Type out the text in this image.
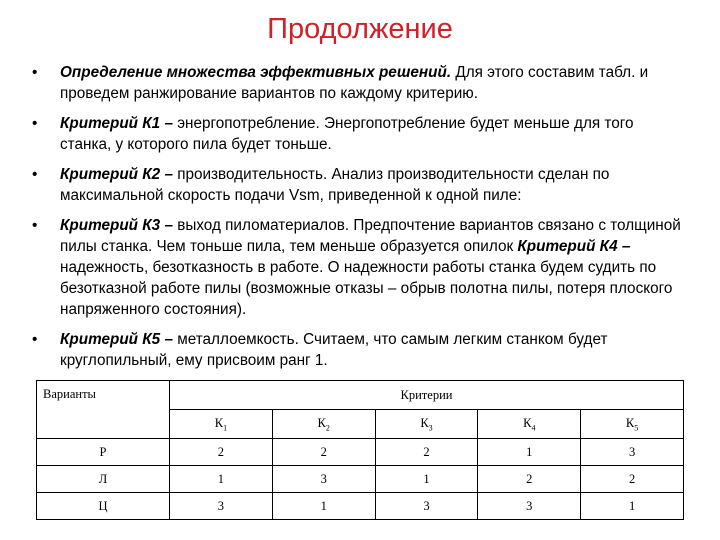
Продолжение
• Определение множества эффективных решений. Для этого составим табл. и проведем ранжирование вариантов по каждому критерию.
• Критерий К1 – энергопотребление. Энергопотребление будет меньше для того станка, у которого пила будет тоньше.
• Критерий К2 – производительность. Анализ производительности сделан по максимальной скорость подачи Vsm, приведенной к одной пиле:
• Критерий К3 – выход пиломатериалов. Предпочтение вариантов связано с толщиной пилы станка. Чем тоньше пила, тем меньше образуется опилок Критерий К4 – надежность, безотказность в работе. О надежности работы станка будем судить по безотказной работе пилы (возможные отказы – обрыв полотна пилы, потеря плоского напряженного состояния).
• Критерий К5 – металлоемкость. Считаем, что самым легким станком будет круглопильный, ему присвоим ранг 1.
Варианты	Критерии				
	$К_1$	$К_2$	$К_3$	$К_4$	$К_5$
Р	2	2	2	1	3
Л	1	3	1	2	2
Ц	3	1	3	3	1
